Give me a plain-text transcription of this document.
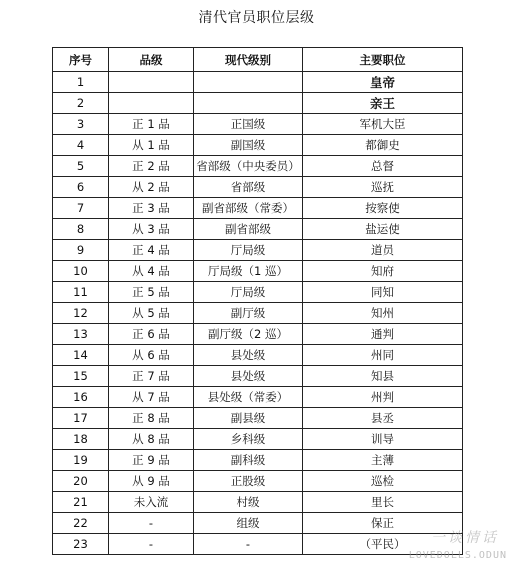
清代官员职位层级
序号	品级	现代级别	主要职位
1			皇帝
2			亲王
3	正 1 品	正国级	军机大臣
4	从 1 品	副国级	都御史
5	正 2 品	省部级（中央委员）	总督
6	从 2 品	省部级	巡抚
7	正 3 品	副省部级（常委）	按察使
8	从 3 品	副省部级	盐运使
9	正 4 品	厅局级	道员
10	从 4 品	厅局级（1 巡）	知府
11	正 5 品	厅局级	同知
12	从 5 品	副厅级	知州
13	正 6 品	副厅级（2 巡）	通判
14	从 6 品	县处级	州同
15	正 7 品	县处级	知县
16	从 7 品	县处级（常委）	州判
17	正 8 品	副县级	县丞
18	从 8 品	乡科级	训导
19	正 9 品	副科级	主薄
20	从 9 品	正股级	巡检
21	未入流	村级	里长
22	-	组级	保正
23	-	-	（平民） 一谈情话
LOVEDOLLS.ODUN
